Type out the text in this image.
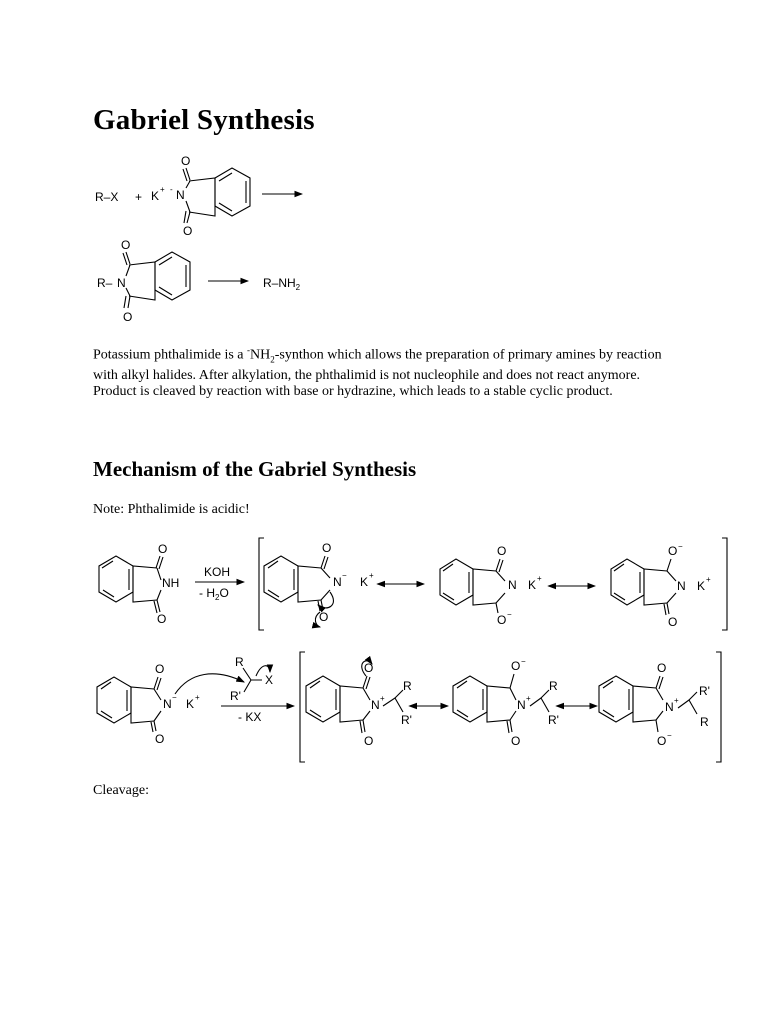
Gabriel Synthesis
R–X + K + -
O
N
O
O
R– N
O
$R-NH_2$
O
NH
O
KOH
- $H_2O$
O
N −
O
K +
O
N
O −
K +
O −
N
O
K +
O
N −
O
K +
R
R'
X
- KX
O
N +
O
R
R'
O −
N +
O
R
R'
O
N +
O −
R'
R

Potassium phthalimide is a $^-NH_2$-synthon which allows the preparation of primary amines by reaction with alkyl halides. After alkylation, the phthalimid is not nucleophile and does not react anymore. Product is cleaved by reaction with base or hydrazine, which leads to a stable cyclic product.

Mechanism of the Gabriel Synthesis

Note: Phthalimide is acidic!

Cleavage:
